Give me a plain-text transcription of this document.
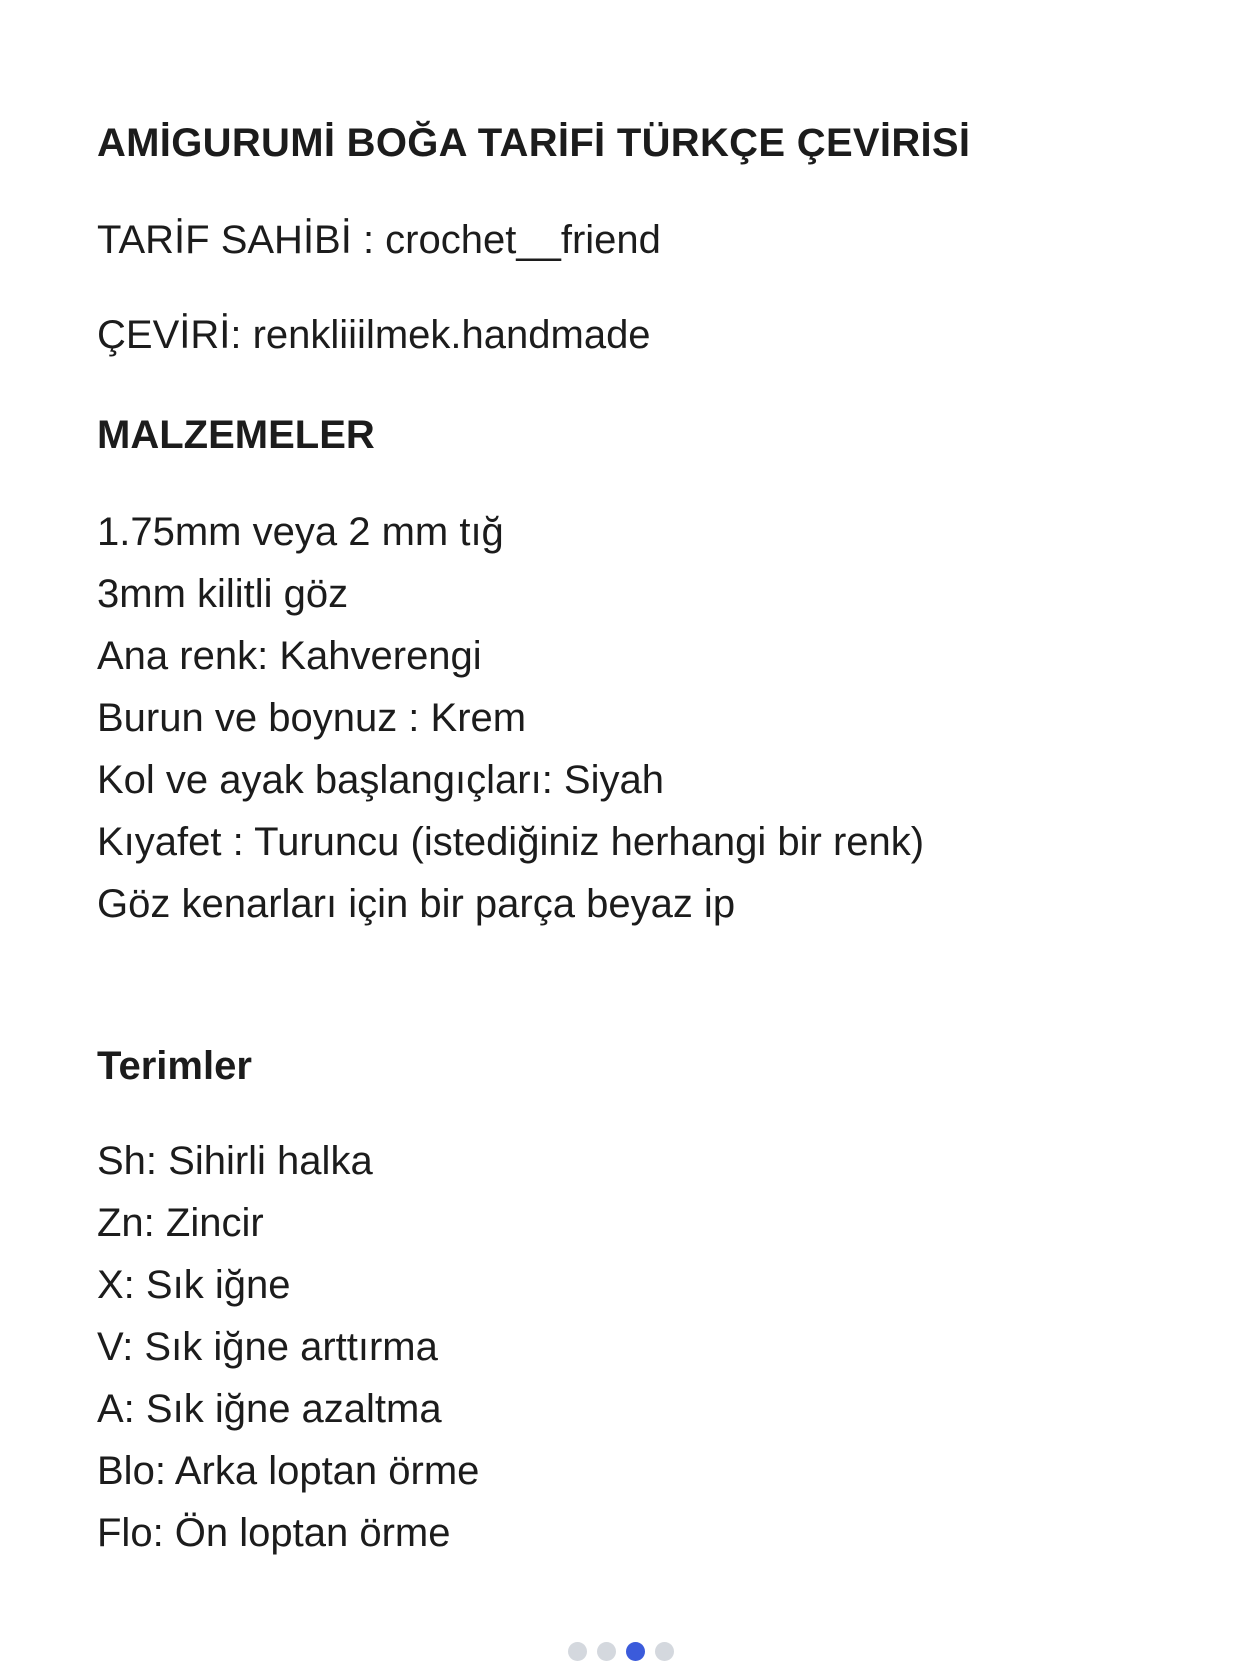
AMİGURUMİ BOĞA TARİFİ TÜRKÇE ÇEVİRİSİ
TARİF SAHİBİ : crochet__friend
ÇEVİRİ: renkliiilmek.handmade
MALZEMELER
1.75mm veya 2 mm tığ
3mm kilitli göz
Ana renk: Kahverengi
Burun ve boynuz : Krem
Kol ve ayak başlangıçları: Siyah
Kıyafet : Turuncu (istediğiniz herhangi bir renk)
Göz kenarları için bir parça beyaz ip
Terimler
Sh: Sihirli halka
Zn: Zincir
X: Sık iğne
V: Sık iğne arttırma
A: Sık iğne azaltma
Blo: Arka loptan örme
Flo: Ön loptan örme
